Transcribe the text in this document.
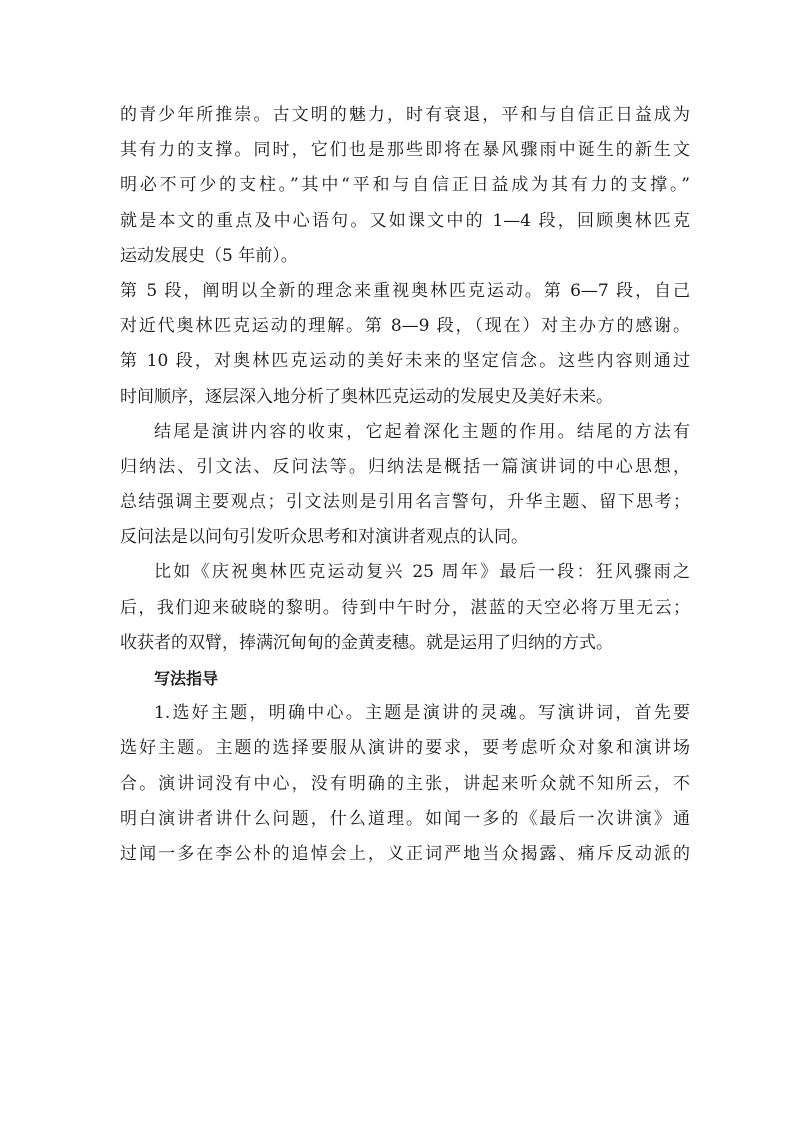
的青少年所推崇。古文明的魅力，时有衰退，平和与自信正日益成为
其有力的支撑。同时，它们也是那些即将在暴风骤雨中诞生的新生文
明必不可少的支柱。”其中“平和与自信正日益成为其有力的支撑。”
就是本文的重点及中心语句。又如课文中的 1—4 段，回顾奥林匹克
运动发展史（5 年前）。
第 5 段，阐明以全新的理念来重视奥林匹克运动。第 6—7 段，自己
对近代奥林匹克运动的理解。第 8—9 段，（现在）对主办方的感谢。
第 10 段，对奥林匹克运动的美好未来的坚定信念。这些内容则通过
时间顺序，逐层深入地分析了奥林匹克运动的发展史及美好未来。
结尾是演讲内容的收束，它起着深化主题的作用。结尾的方法有
归纳法、引文法、反问法等。归纳法是概括一篇演讲词的中心思想，
总结强调主要观点；引文法则是引用名言警句，升华主题、留下思考；
反问法是以问句引发听众思考和对演讲者观点的认同。
比如《庆祝奥林匹克运动复兴 25 周年》最后一段：狂风骤雨之
后，我们迎来破晓的黎明。待到中午时分，湛蓝的天空必将万里无云；
收获者的双臂，捧满沉甸甸的金黄麦穗。就是运用了归纳的方式。
写法指导
1.选好主题，明确中心。主题是演讲的灵魂。写演讲词，首先要
选好主题。主题的选择要服从演讲的要求，要考虑听众对象和演讲场
合。演讲词没有中心，没有明确的主张，讲起来听众就不知所云，不
明白演讲者讲什么问题，什么道理。如闻一多的《最后一次讲演》通
过闻一多在李公朴的追悼会上，义正词严地当众揭露、痛斥反动派的
